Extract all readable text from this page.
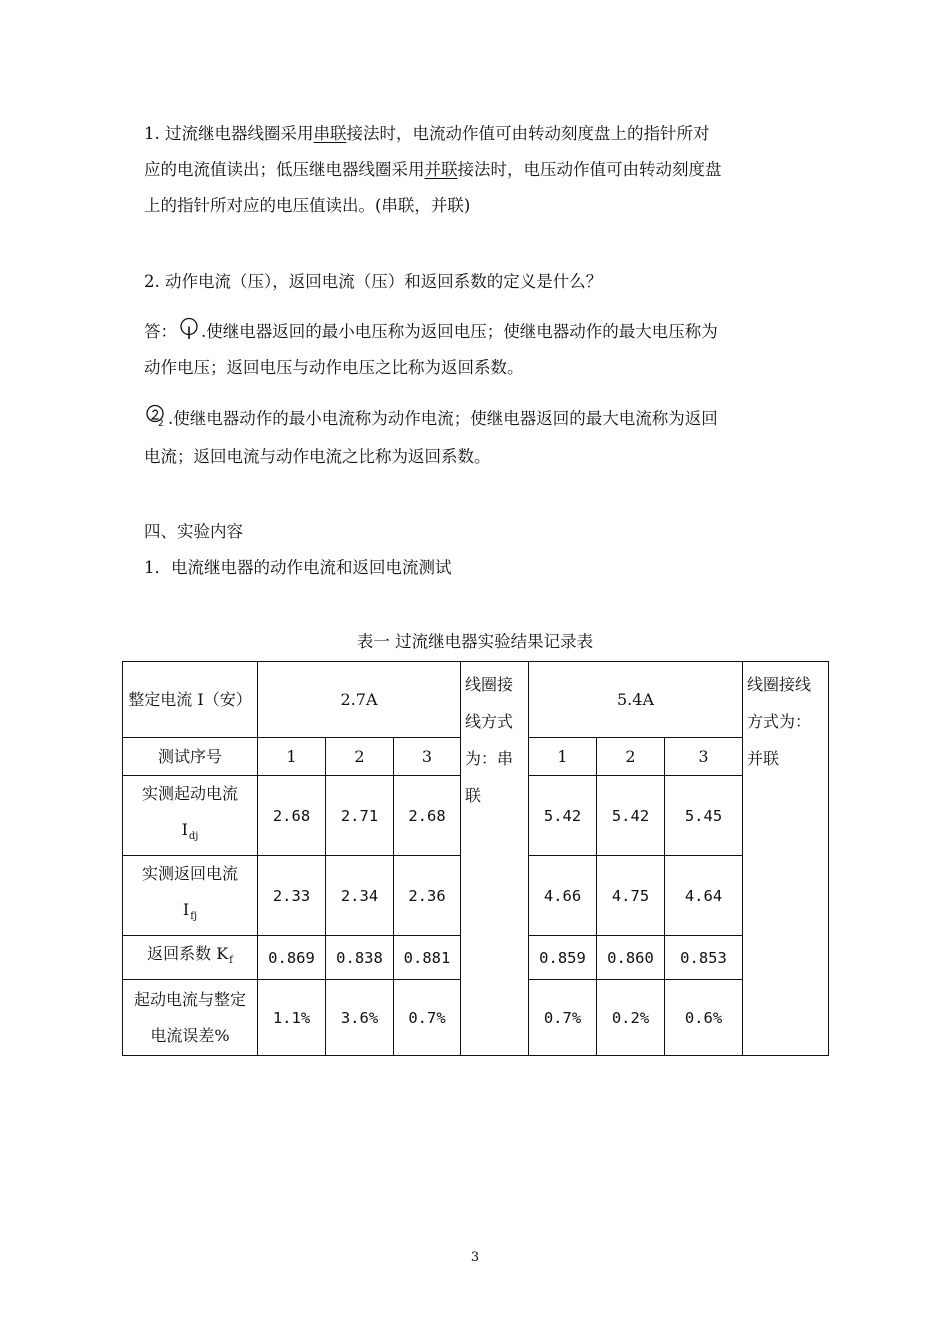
1. 过流继电器线圈采用串联接法时，电流动作值可由转动刻度盘上的指针所对
应的电流值读出；低压继电器线圈采用并联接法时，电压动作值可由转动刻度盘
上的指针所对应的电压值读出。(串联，并联)
2. 动作电流（压），返回电流（压）和返回系数的定义是什么？
答： .使继电器返回的最小电压称为返回电压；使继电器动作的最大电压称为
动作电压；返回电压与动作电压之比称为返回系数。
2 .使继电器动作的最小电流称为动作电流；使继电器返回的最大电流称为返回
电流；返回电流与动作电流之比称为返回系数。
四、实验内容
1．电流继电器的动作电流和返回电流测试
表一 过流继电器实验结果记录表
整定电流 I（安）	2.7A			线圈接线方式为：串联	5.4A			线圈接线方式为：并联
测试序号	1	2	3		1	2	3	
实测起动电流
$I_{dj}$	2.68	2.71	2.68		5.42	5.42	5.45	
实测返回电流
$I_{fj}$	2.33	2.34	2.36		4.66	4.75	4.64	
返回系数 $K_f$	0.869	0.838	0.881		0.859	0.860	0.853	
起动电流与整定电流误差%	1.1%	3.6%	0.7%		0.7%	0.2%	0.6%	
3
